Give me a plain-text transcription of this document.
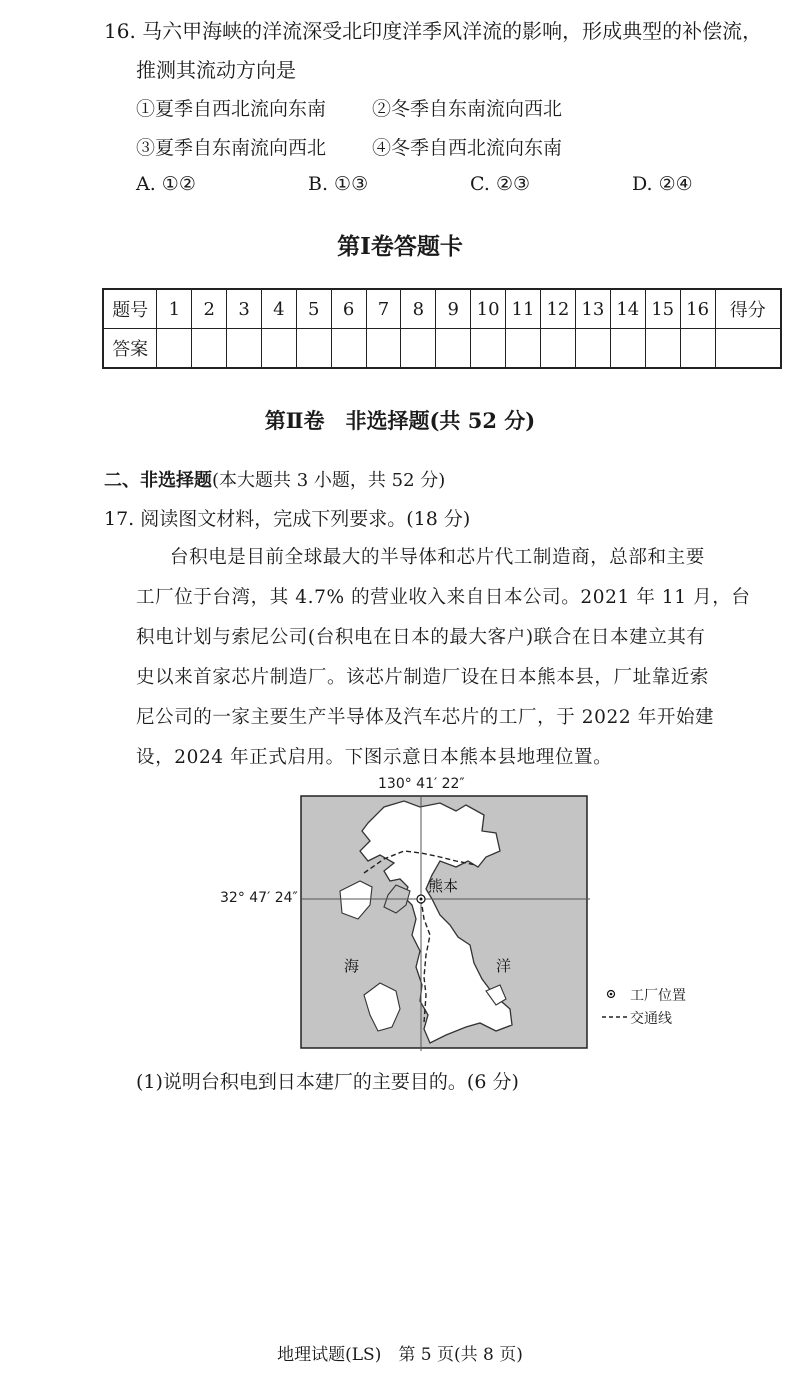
16. 马六甲海峡的洋流深受北印度洋季风洋流的影响，形成典型的补偿流，
推测其流动方向是
①夏季自西北流向东南 ②冬季自东南流向西北
③夏季自东南流向西北 ④冬季自西北流向东南
A. ①②	B. ①③	C. ②③	D. ②④
第Ⅰ卷答题卡
题号	1	2	3	4	5	6	7	8	9	10	11	12	13	14	15	16	得分
答案																	
第Ⅱ卷　非选择题(共 52 分)
二、非选择题(本大题共 3 小题，共 52 分)
17. 阅读图文材料，完成下列要求。(18 分)
台积电是目前全球最大的半导体和芯片代工制造商，总部和主要
工厂位于台湾，其 4.7% 的营业收入来自日本公司。2021 年 11 月，台
积电计划与索尼公司(台积电在日本的最大客户)联合在日本建立其有
史以来首家芯片制造厂。该芯片制造厂设在日本熊本县，厂址靠近索
尼公司的一家主要生产半导体及汽车芯片的工厂，于 2022 年开始建
设，2024 年正式启用。下图示意日本熊本县地理位置。
130° 41′ 22″
32° 47′ 24″
熊本
海	洋
工厂位置
交通线
(1)说明台积电到日本建厂的主要目的。(6 分)
地理试题(LS)　第 5 页(共 8 页)
